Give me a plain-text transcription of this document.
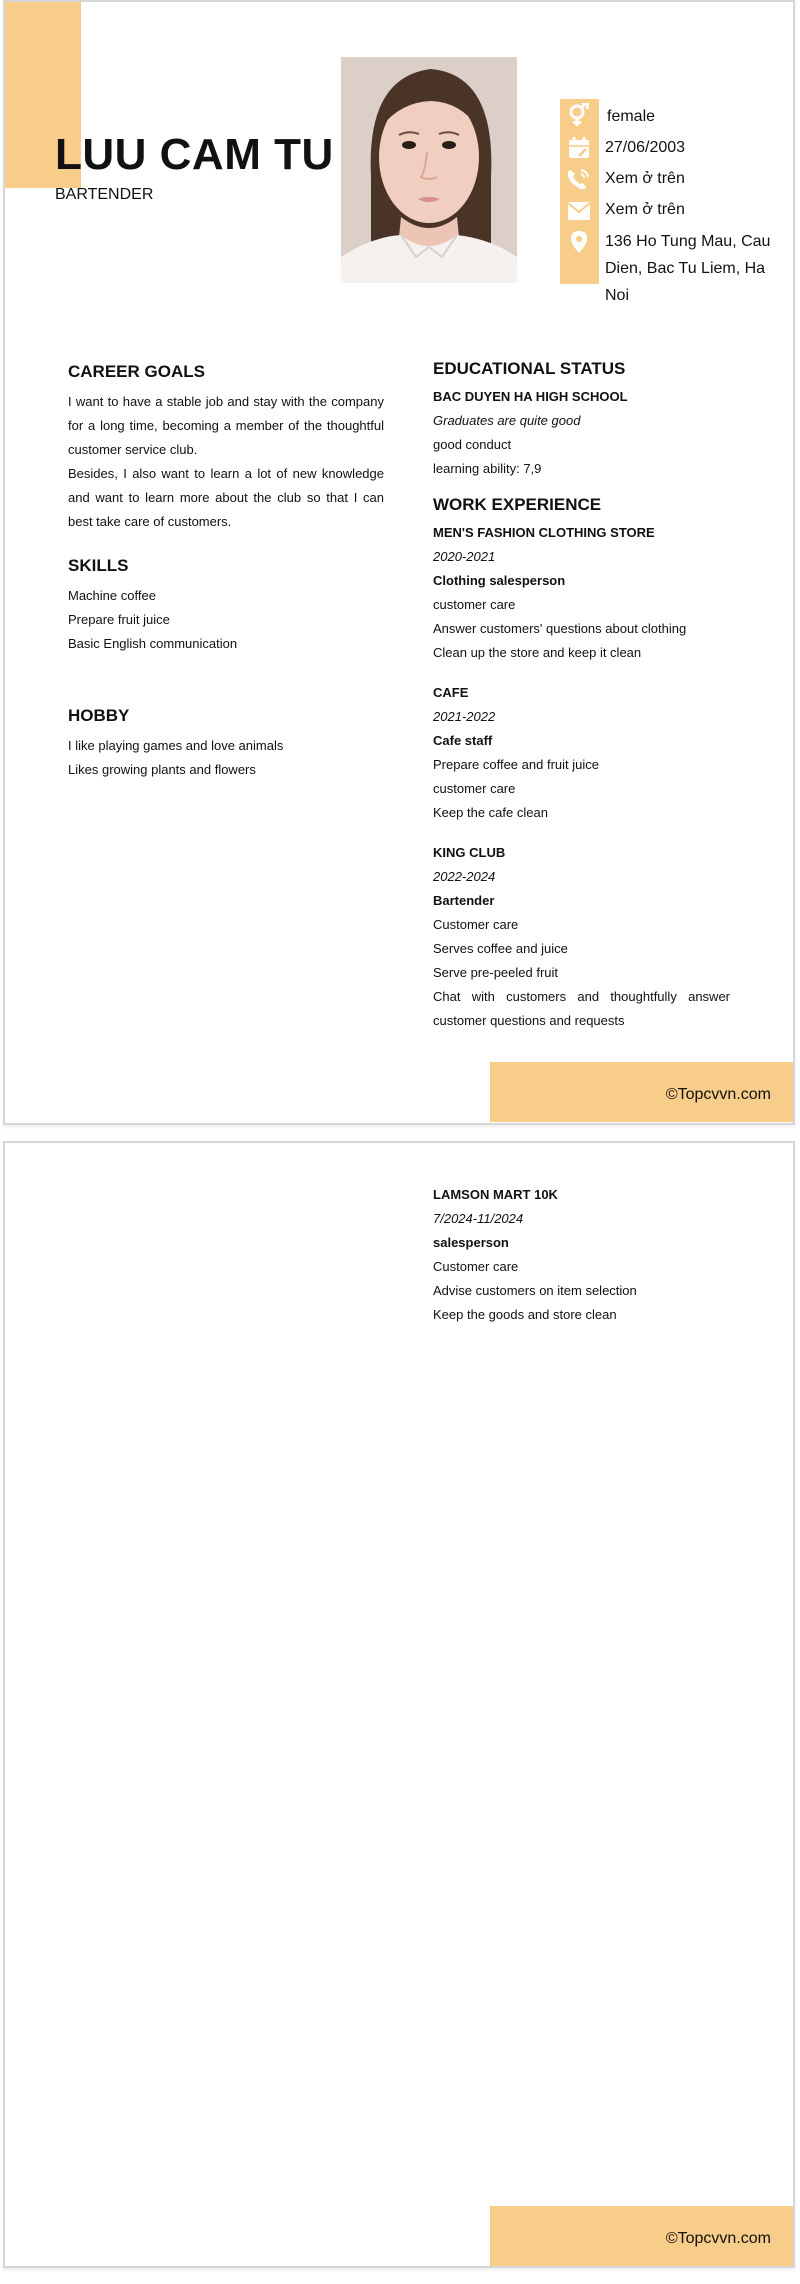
LUU CAM TU
BARTENDER
female
27/06/2003
Xem ở trên
Xem ở trên
136 Ho Tung Mau, Cau Dien, Bac Tu Liem, Ha Noi
CAREER GOALS

I want to have a stable job and stay with the company for a long time, becoming a member of the thoughtful customer service club.

Besides, I also want to learn a lot of new knowledge and want to learn more about the club so that I can best take care of customers.

SKILLS

Machine coffee

Prepare fruit juice

Basic English communication

HOBBY

I like playing games and love animals

Likes growing plants and flowers

EDUCATIONAL STATUS

BAC DUYEN HA HIGH SCHOOL

Graduates are quite good

good conduct

learning ability: 7,9

WORK EXPERIENCE

MEN'S FASHION CLOTHING STORE

2020-2021

Clothing salesperson

customer care

Answer customers' questions about clothing

Clean up the store and keep it clean

CAFE

2021-2022

Cafe staff

Prepare coffee and fruit juice

customer care

Keep the cafe clean

KING CLUB

2022-2024

Bartender

Customer care

Serves coffee and juice

Serve pre-peeled fruit

Chat with customers and thoughtfully answer customer questions and requests

©Topcvvn.com

LAMSON MART 10K

7/2024-11/2024

salesperson

Customer care

Advise customers on item selection

Keep the goods and store clean

©Topcvvn.com
